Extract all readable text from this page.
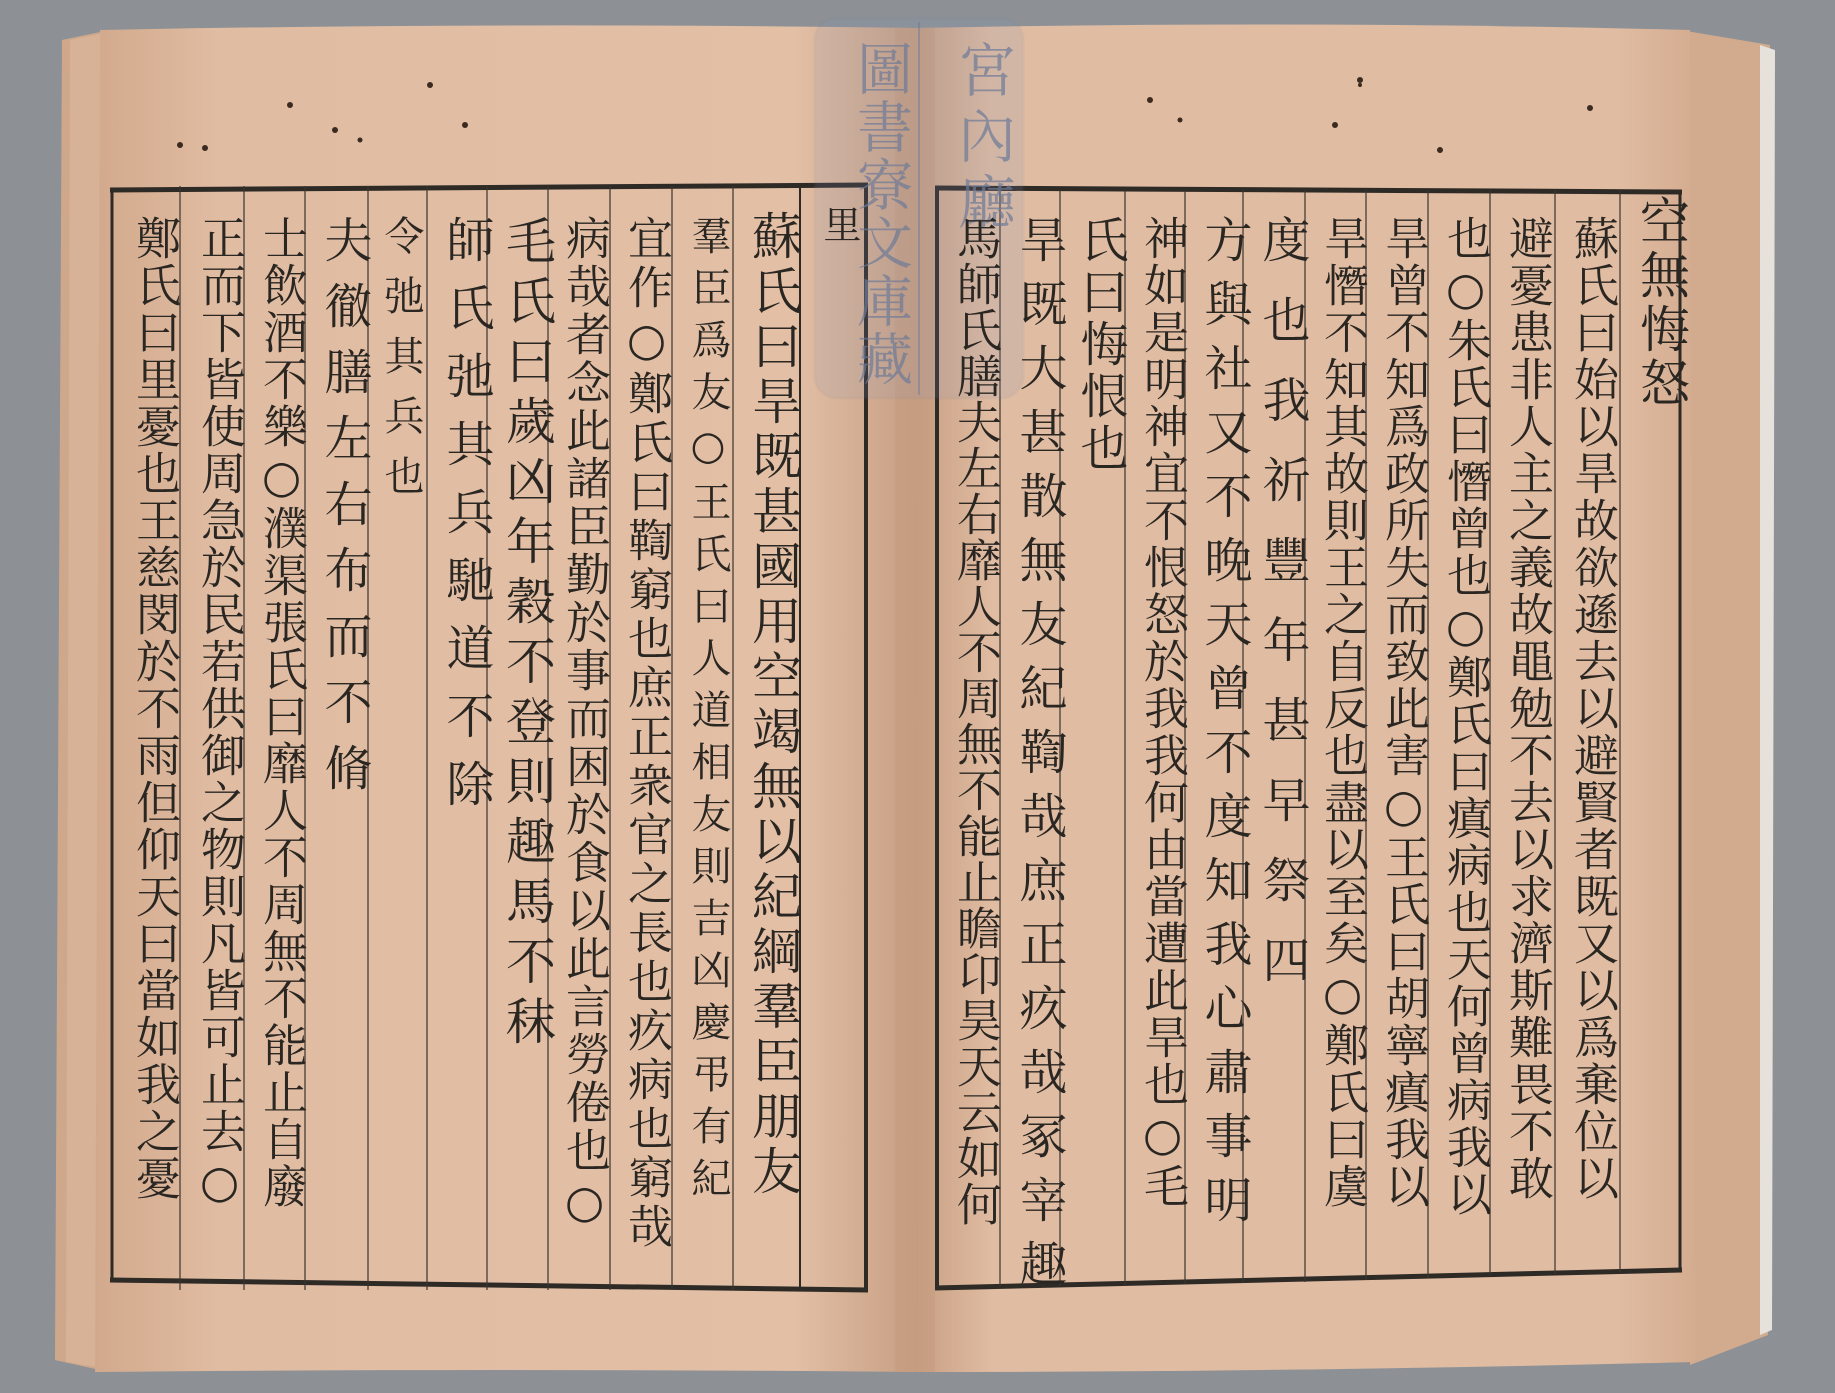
宮內廳
圖書寮文庫藏
里
蘇氏曰旱既甚國用空竭無以紀綱羣臣朋友
羣臣爲友○王氏曰人道相友則吉凶慶弔有紀
宜作○鄭氏曰鞫窮也庶正衆官之長也疚病也窮哉
病哉者念此諸臣勤於事而困於食以此言勞倦也○
毛氏曰歲凶年穀不登則趣馬不秣
師氏弛其兵馳道不除
令弛其兵也
夫徹膳左右布而不脩
士飲酒不樂○濮渠張氏曰靡人不周無不能止自廢
正而下皆使周急於民若供御之物則凡皆可止去○
鄭氏曰里憂也王慈閔於不雨但仰天曰當如我之憂	空無悔怒
蘇氏曰始以旱故欲遜去以避賢者既又以爲棄位以
避憂患非人主之義故黽勉不去以求濟斯難畏不敢
也○朱氏曰憯曾也○鄭氏曰瘨病也天何曾病我以
旱曾不知爲政所失而致此害○王氏曰胡寧瘨我以
旱憯不知其故則王之自反也盡以至矣○鄭氏曰虞
度也我祈豐年甚早祭四
方與社又不晚天曾不度知我心肅事明
神如是明神宜不恨怒於我我何由當遭此旱也○毛
氏曰悔恨也
旱既大甚散無友紀鞫哉庶正疚哉冢宰趣
馬師氏膳夫左右靡人不周無不能止瞻卬昊天云如何
